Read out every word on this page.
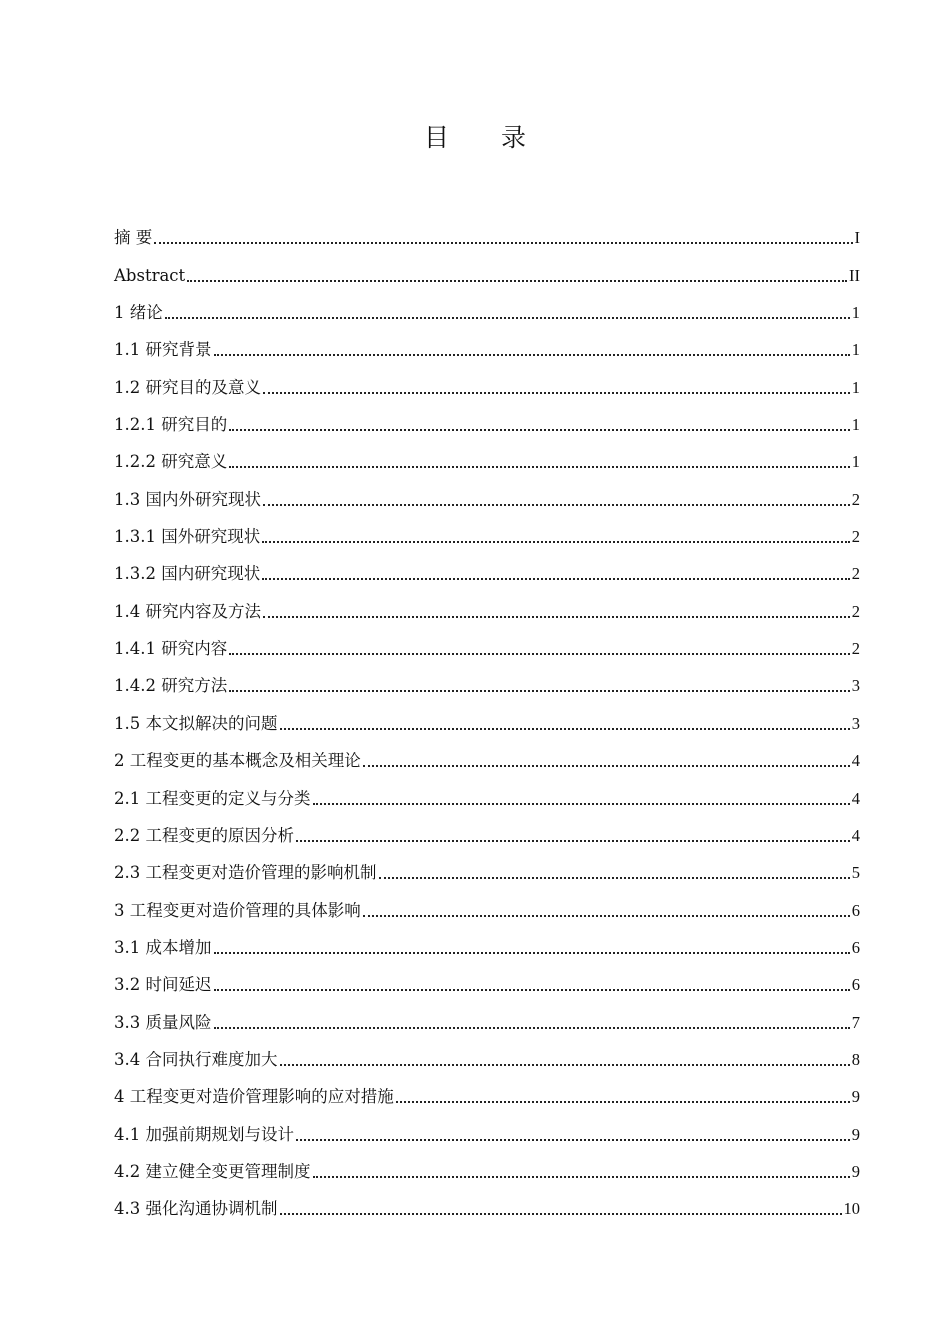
目 录
摘 要	I
Abstract	II
1 绪论	1
1.1 研究背景	1
1.2 研究目的及意义	1
1.2.1 研究目的	1
1.2.2 研究意义	1
1.3 国内外研究现状	2
1.3.1 国外研究现状	2
1.3.2 国内研究现状	2
1.4 研究内容及方法	2
1.4.1 研究内容	2
1.4.2 研究方法	3
1.5 本文拟解决的问题	3
2 工程变更的基本概念及相关理论	4
2.1 工程变更的定义与分类	4
2.2 工程变更的原因分析	4
2.3 工程变更对造价管理的影响机制	5
3 工程变更对造价管理的具体影响	6
3.1 成本增加	6
3.2 时间延迟	6
3.3 质量风险	7
3.4 合同执行难度加大	8
4 工程变更对造价管理影响的应对措施	9
4.1 加强前期规划与设计	9
4.2 建立健全变更管理制度	9
4.3 强化沟通协调机制	10
